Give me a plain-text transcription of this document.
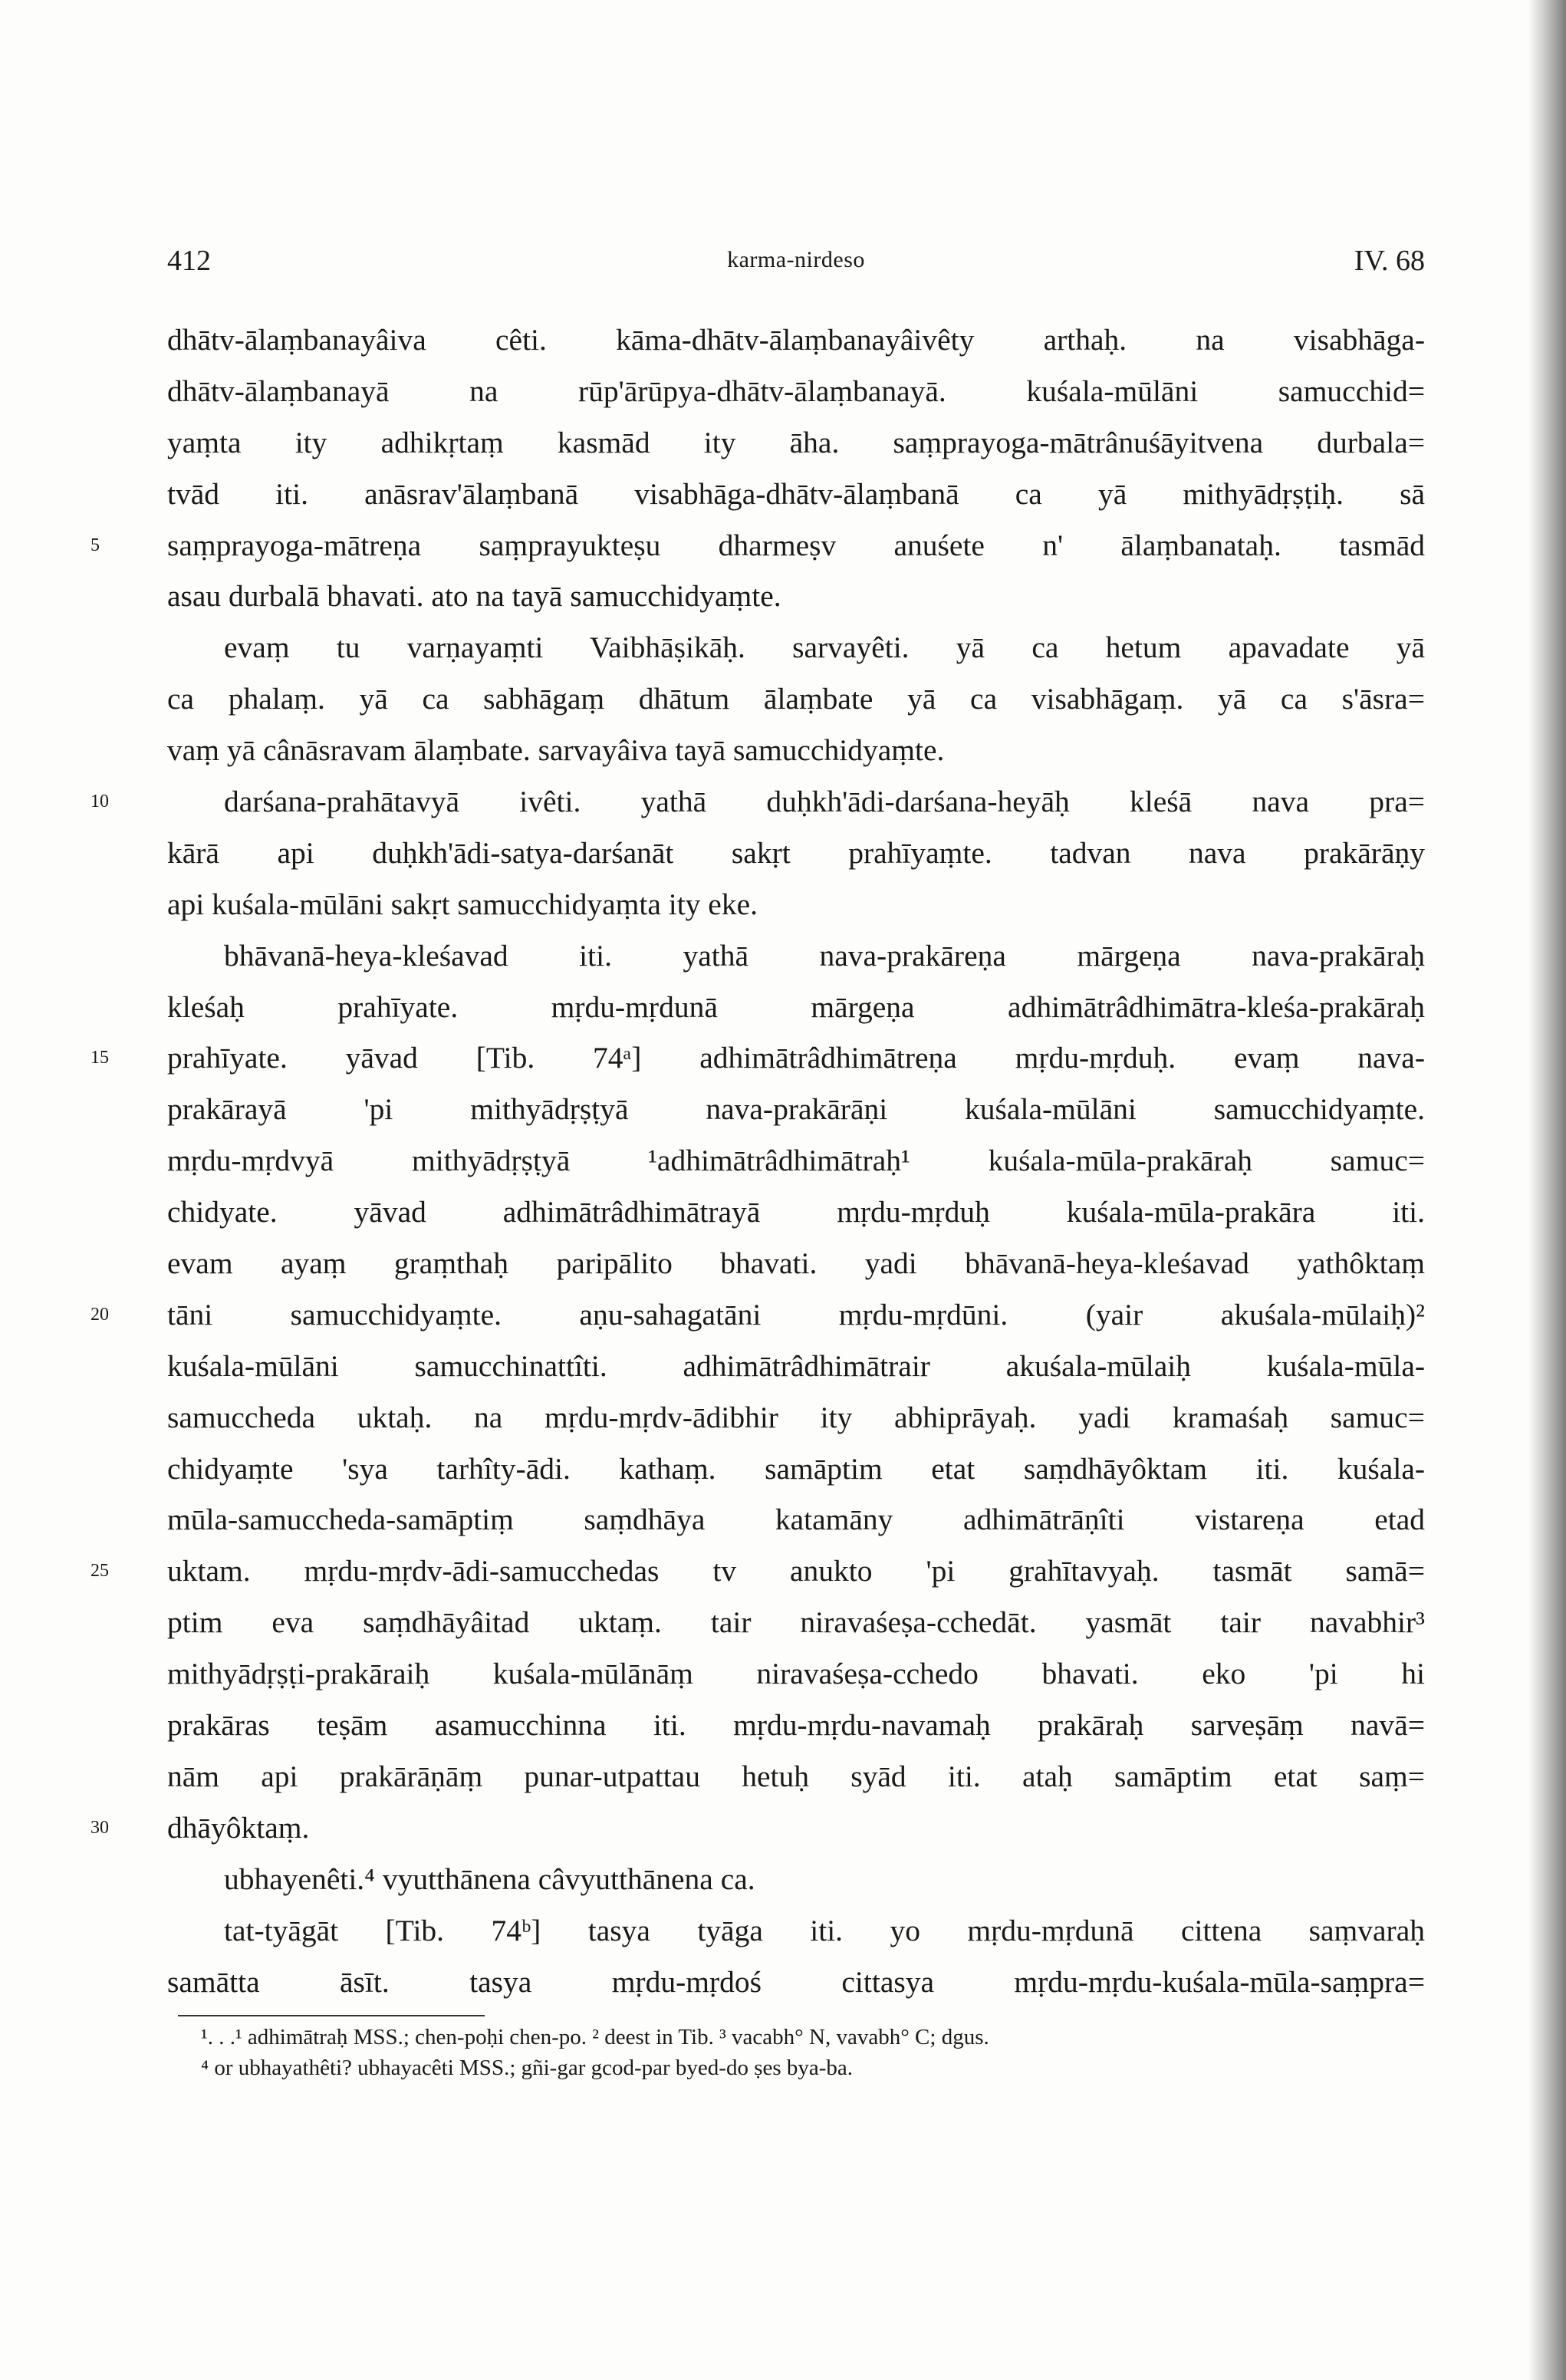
412	karma-nirdeso	IV. 68
dhātv-ālaṃbanayâiva cêti. kāma-dhātv-ālaṃbanayâivêty arthaḥ. na visabhāga-
dhātv-ālaṃbanayā na rūp'ārūpya-dhātv-ālaṃbanayā. kuśala-mūlāni samucchid=
yaṃta ity adhikṛtaṃ kasmād ity āha. saṃprayoga-mātrânuśāyitvena durbala=
tvād iti. anāsrav'ālaṃbanā visabhāga-dhātv-ālaṃbanā ca yā mithyādṛṣṭiḥ. sā
5	saṃprayoga-mātreṇa saṃprayukteṣu dharmeṣv anuśete n' ālaṃbanataḥ. tasmād
asau durbalā bhavati. ato na tayā samucchidyaṃte.
evaṃ tu varṇayaṃti Vaibhāṣikāḥ. sarvayêti. yā ca hetum apavadate yā
ca phalaṃ. yā ca sabhāgaṃ dhātum ālaṃbate yā ca visabhāgaṃ. yā ca s'āsra=
vaṃ yā cânāsravam ālaṃbate. sarvayâiva tayā samucchidyaṃte.
10	darśana-prahātavyā ivêti. yathā duḥkh'ādi-darśana-heyāḥ kleśā nava pra=
kārā api duḥkh'ādi-satya-darśanāt sakṛt prahīyaṃte. tadvan nava prakārāṇy
api kuśala-mūlāni sakṛt samucchidyaṃta ity eke.
bhāvanā-heya-kleśavad iti. yathā nava-prakāreṇa mārgeṇa nava-prakāraḥ
kleśaḥ prahīyate. mṛdu-mṛdunā mārgeṇa adhimātrâdhimātra-kleśa-prakāraḥ
15	prahīyate. yāvad [Tib. 74ᵃ] adhimātrâdhimātreṇa mṛdu-mṛduḥ. evaṃ nava-
prakārayā 'pi mithyādṛṣṭyā nava-prakārāṇi kuśala-mūlāni samucchidyaṃte.
mṛdu-mṛdvyā mithyādṛṣṭyā ¹adhimātrâdhimātraḥ¹ kuśala-mūla-prakāraḥ samuc=
chidyate. yāvad adhimātrâdhimātrayā mṛdu-mṛduḥ kuśala-mūla-prakāra iti.
evam ayaṃ graṃthaḥ paripālito bhavati. yadi bhāvanā-heya-kleśavad yathôktaṃ
20	tāni samucchidyaṃte. aṇu-sahagatāni mṛdu-mṛdūni. (yair akuśala-mūlaiḥ)²
kuśala-mūlāni samucchinattîti. adhimātrâdhimātrair akuśala-mūlaiḥ kuśala-mūla-
samuccheda uktaḥ. na mṛdu-mṛdv-ādibhir ity abhiprāyaḥ. yadi kramaśaḥ samuc=
chidyaṃte 'sya tarhîty-ādi. kathaṃ. samāptim etat saṃdhāyôktam iti. kuśala-
mūla-samuccheda-samāptiṃ saṃdhāya katamāny adhimātrāṇîti vistareṇa etad
25	uktam. mṛdu-mṛdv-ādi-samucchedas tv anukto 'pi grahītavyaḥ. tasmāt samā=
ptim eva saṃdhāyâitad uktaṃ. tair niravaśeṣa-cchedāt. yasmāt tair navabhir³
mithyādṛṣṭi-prakāraiḥ kuśala-mūlānāṃ niravaśeṣa-cchedo bhavati. eko 'pi hi
prakāras teṣām asamucchinna iti. mṛdu-mṛdu-navamaḥ prakāraḥ sarveṣāṃ navā=
nām api prakārāṇāṃ punar-utpattau hetuḥ syād iti. ataḥ samāptim etat saṃ=
30	dhāyôktaṃ.
ubhayenêti.⁴ vyutthānena câvyutthānena ca.
tat-tyāgāt [Tib. 74ᵇ] tasya tyāga iti. yo mṛdu-mṛdunā cittena saṃvaraḥ
samātta āsīt. tasya mṛdu-mṛdoś cittasya mṛdu-mṛdu-kuśala-mūla-saṃpra=
¹. . .¹ adhimātraḥ MSS.; chen-poḥi chen-po. ² deest in Tib. ³ vacabh° N, vavabh° C; dgus.
⁴ or ubhayathêti? ubhayacêti MSS.; gñi-gar gcod-par byed-do ṣes bya-ba.
